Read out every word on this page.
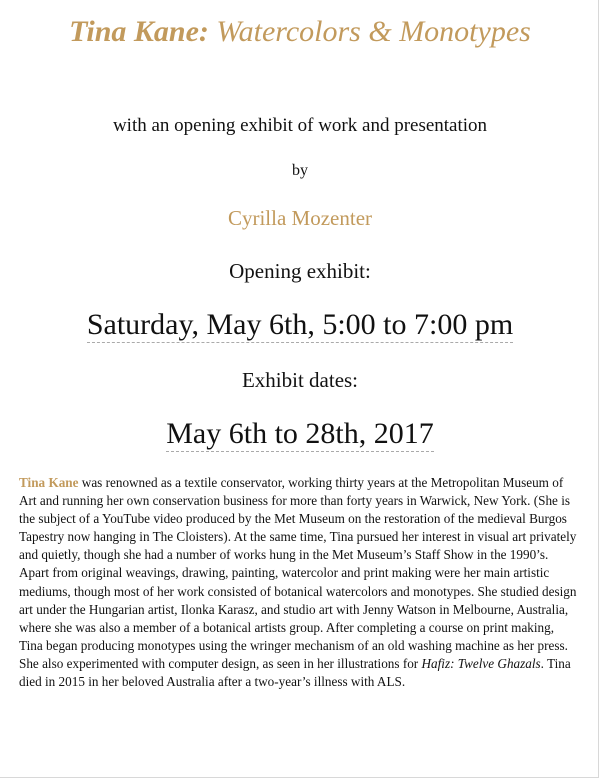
Tina Kane: Watercolors & Monotypes
with an opening exhibit of work and presentation
by
Cyrilla Mozenter
Opening exhibit:
Saturday, May 6th, 5:00 to 7:00 pm
Exhibit dates:
May 6th to 28th, 2017
Tina Kane was renowned as a textile conservator, working thirty years at the Metropolitan Museum of Art and running her own conservation business for more than forty years in Warwick, New York. (She is the subject of a YouTube video produced by the Met Museum on the restoration of the medieval Burgos Tapestry now hanging in The Cloisters). At the same time, Tina pursued her interest in visual art privately and quietly, though she had a number of works hung in the Met Museum’s Staff Show in the 1990’s. Apart from original weavings, drawing, painting, watercolor and print making were her main artistic mediums, though most of her work consisted of botanical watercolors and monotypes. She studied design art under the Hungarian artist, Ilonka Karasz, and studio art with Jenny Watson in Melbourne, Australia, where she was also a member of a botanical artists group. After completing a course on print making, Tina began producing monotypes using the wringer mechanism of an old washing machine as her press. She also experimented with computer design, as seen in her illustrations for Hafiz: Twelve Ghazals. Tina died in 2015 in her beloved Australia after a two-year’s illness with ALS.
